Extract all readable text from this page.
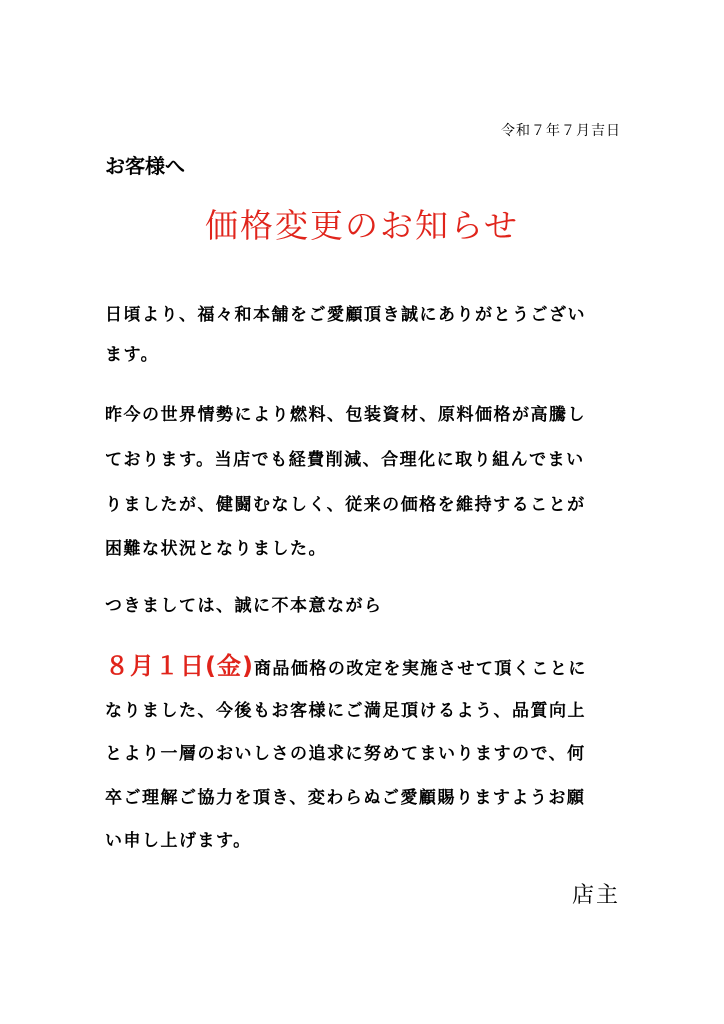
令和７年７月吉日
お客様へ
価格変更のお知らせ
日頃より、福々和本舗をご愛顧頂き誠にありがとうござい
ます。
昨今の世界情勢により燃料、包装資材、原料価格が高騰し
ております。当店でも経費削減、合理化に取り組んでまい
りましたが、健闘むなしく、従来の価格を維持することが
困難な状況となりました。
つきましては、誠に不本意ながら
８月１日(金)商品価格の改定を実施させて頂くことに
なりました、今後もお客様にご満足頂けるよう、品質向上
とより一層のおいしさの追求に努めてまいりますので、何
卒ご理解ご協力を頂き、変わらぬご愛顧賜りますようお願
い申し上げます。
店主
